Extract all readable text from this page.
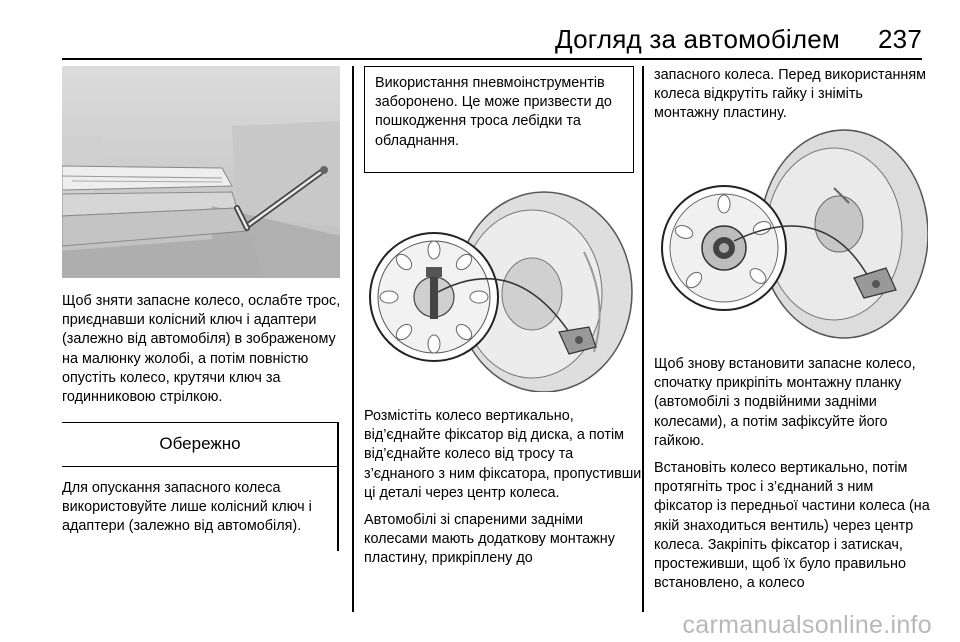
Догляд за автомобілем 237
Щоб зняти запасне колесо, ослабте трос, приєднавши колісний ключ і адаптери (залежно від автомобіля) в зображеному на малюнку жолобі, а потім повністю опустіть колесо, крутячи ключ за годинниковою стрілкою.
Обережно
Для опускання запасного колеса використовуйте лише колісний ключ і адаптери (залежно від автомобіля).
Використання пневмоінструментів заборонено. Це може призвести до пошкодження троса лебідки та обладнання.

Розмістіть колесо вертикально, від’єднайте фіксатор від диска, а потім від’єднайте колесо від тросу та з’єднаного з ним фіксатора, пропустивши ці деталі через центр колеса.

Автомобілі зі спареними задніми колесами мають додаткову монтажну пластину, прикріплену до

запасного колеса. Перед використанням колеса відкрутіть гайку і зніміть монтажну пластину.

Щоб знову встановити запасне колесо, спочатку прикріпіть монтажну планку (автомобілі з подвійними задніми колесами), а потім зафіксуйте його гайкою.

Встановіть колесо вертикально, потім протягніть трос і з’єднаний з ним фіксатор із передньої частини колеса (на якій знаходиться вентиль) через центр колеса. Закріпіть фіксатор і затискач, простеживши, щоб їх було правильно встановлено, а колесо

carmanualsonline.info
